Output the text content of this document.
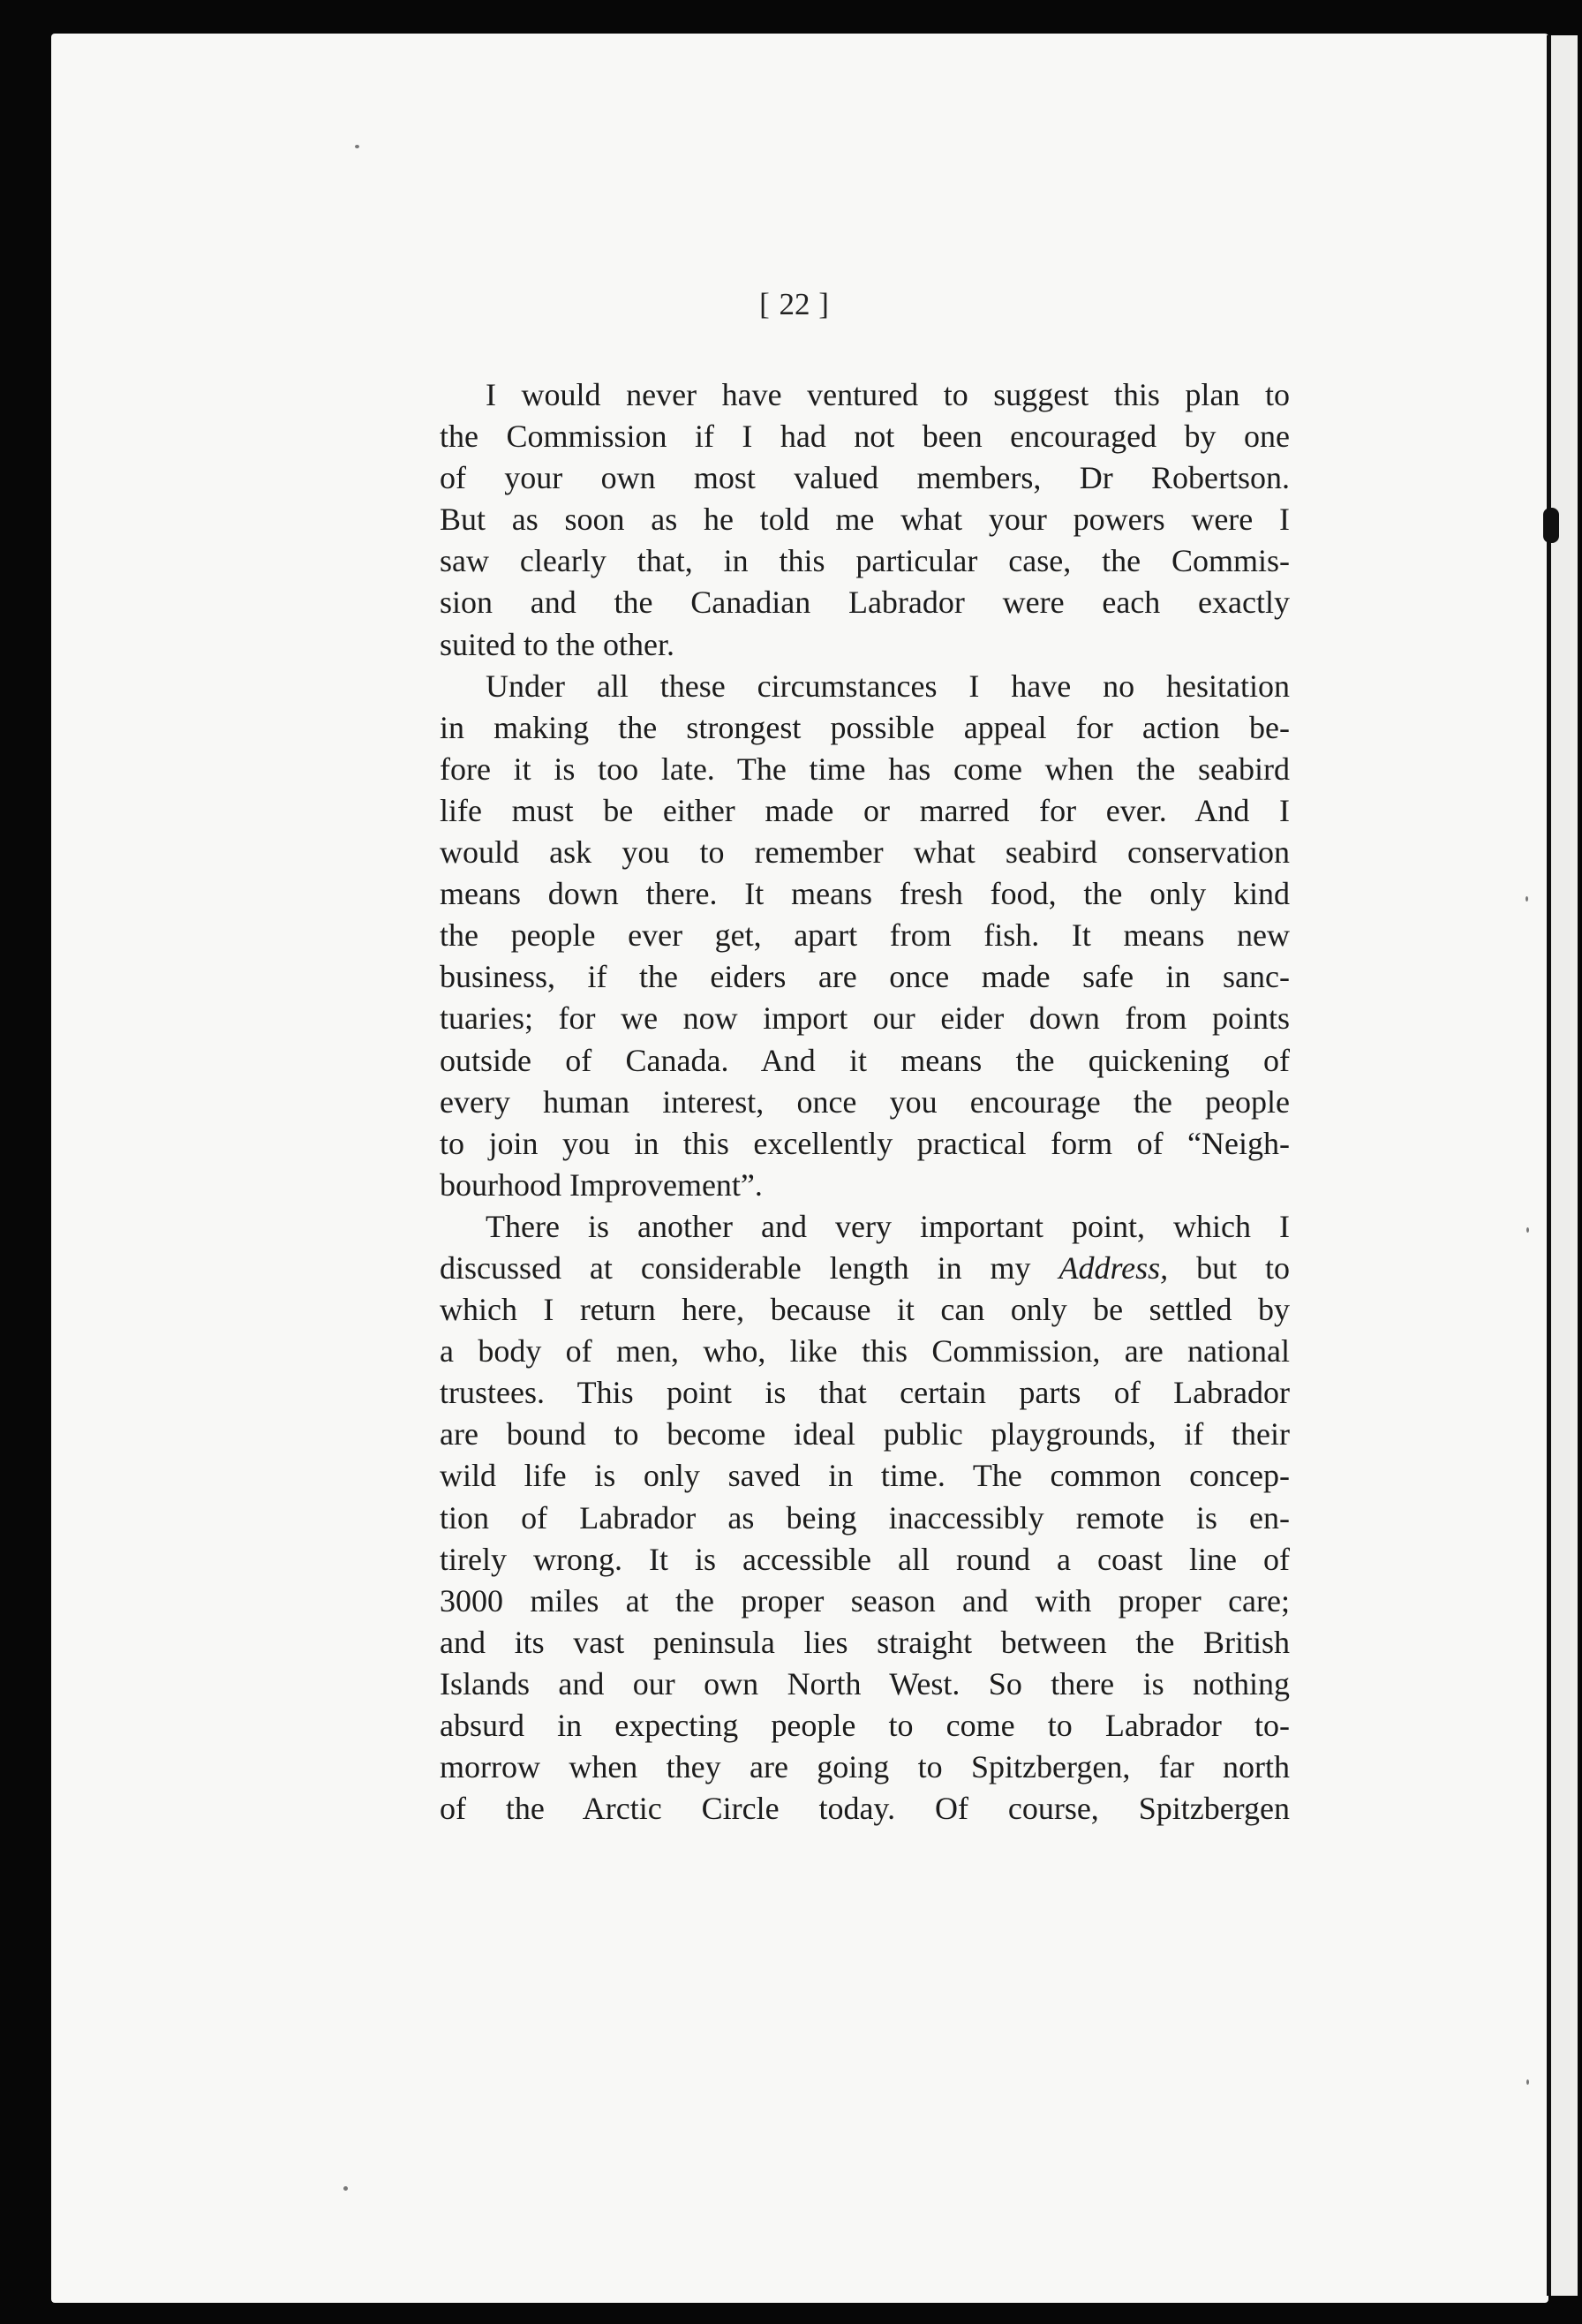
[ 22 ]
I would never have ventured to suggest this plan to
the Commission if I had not been encouraged by one
of your own most valued members, Dr Robertson.
But as soon as he told me what your powers were I
saw clearly that, in this particular case, the Commis-
sion and the Canadian Labrador were each exactly
suited to the other.
Under all these circumstances I have no hesitation
in making the strongest possible appeal for action be-
fore it is too late. The time has come when the seabird
life must be either made or marred for ever. And I
would ask you to remember what seabird conservation
means down there. It means fresh food, the only kind
the people ever get, apart from fish. It means new
business, if the eiders are once made safe in sanc-
tuaries; for we now import our eider down from points
outside of Canada. And it means the quickening of
every human interest, once you encourage the people
to join you in this excellently practical form of “Neigh-
bourhood Improvement”.
There is another and very important point, which I
discussed at considerable length in my Address, but to
which I return here, because it can only be settled by
a body of men, who, like this Commission, are national
trustees. This point is that certain parts of Labrador
are bound to become ideal public playgrounds, if their
wild life is only saved in time. The common concep-
tion of Labrador as being inaccessibly remote is en-
tirely wrong. It is accessible all round a coast line of
3000 miles at the proper season and with proper care;
and its vast peninsula lies straight between the British
Islands and our own North West. So there is nothing
absurd in expecting people to come to Labrador to-
morrow when they are going to Spitzbergen, far north
of the Arctic Circle today. Of course, Spitzbergen
